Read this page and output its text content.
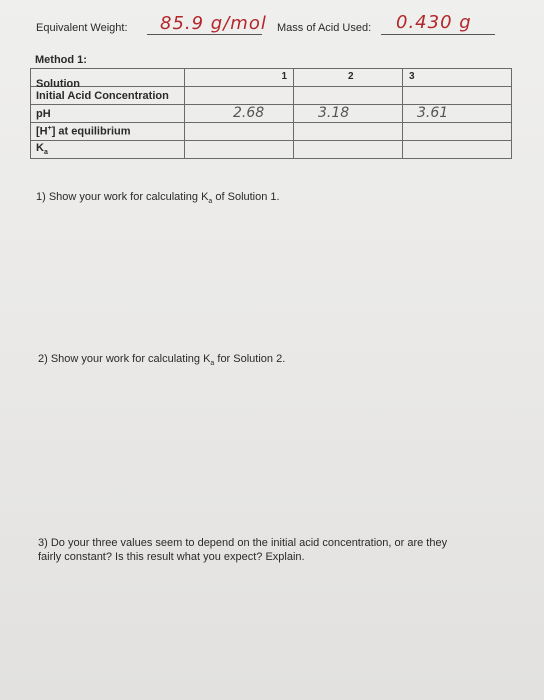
Equivalent Weight: 85.9 g/mol Mass of Acid Used: 0.430 g
Method 1:
Solution	1	2	3

Initial Acid Concentration			
pH	2.68	3.18	3.61

[H+] at equilibrium			
$K_a$			
1) Show your work for calculating $K_a$ of Solution 1.
2) Show your work for calculating $K_a$ for Solution 2.
3) Do your three values seem to depend on the initial acid concentration, or are they
fairly constant? Is this result what you expect? Explain.
